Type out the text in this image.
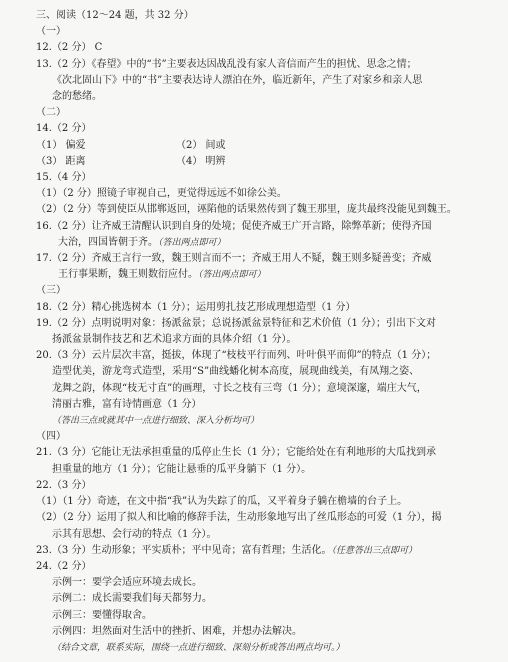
三、阅读（12～24 题，共 32 分）
（一）
12.（2 分） C
13.（2 分）《春望》中的“书”主要表达因战乱没有家人音信而产生的担忧、思念之情；
《次北固山下》中的“书”主要表达诗人漂泊在外，临近新年，产生了对家乡和亲人思
念的愁绪。
（二）
14.（2 分）
（1） 偏爱	（2） 间或
（3） 距离	（4） 明辨
15.（4 分）
（1）（2 分）照镜子审视自己，更觉得远远不如徐公美。
（2）（2 分）等到使臣从邯郸返回，诬陷他的话果然传到了魏王那里，庞共最终没能见到魏王。
16.（2 分）让齐威王清醒认识到自身的处境；促使齐威王广开言路，除弊革新；使得齐国
大治，四国皆朝于齐。（答出两点即可）
17.（2 分）齐威王言行一致，魏王则言而不一；齐威王用人不疑，魏王则多疑善变；齐威
王行事果断，魏王则数衍应付。（答出两点即可）
（三）
18.（2 分）精心挑选树本（1 分）；运用剪扎技艺形成理想造型（1 分）
19.（2 分）点明说明对象：扬派盆景；总说扬派盆景特征和艺术价值（1 分）；引出下文对
扬派盆景制作技艺和艺术追求方面的具体介绍（1 分）。
20.（3 分）云片层次丰富，挺拔，体现了“枝枝平行而列、叶叶俱平而仰”的特点（1 分）；
造型优美，游龙弯式造型，采用“S”曲线蟠化树本高度，展现曲线美，有凤翔之姿、
龙舞之韵，体现“枝无寸直”的画理，寸长之枝有三弯（1 分）；意境深邃，端庄大气，
清丽古雅，富有诗情画意（1 分）
（答出三点或就其中一点进行细致、深入分析均可）
（四）
21.（3 分）它能让无法承担重量的瓜停止生长（1 分）；它能给处在有利地形的大瓜找到承
担重量的地方（1 分）；它能让悬垂的瓜平身躺下（1 分）。
22.（3 分）
（1）（1 分）奇迹，在文中指“我”认为失踪了的瓜，又平着身子躺在檐墙的台子上。
（2）（2 分）运用了拟人和比喻的修辞手法，生动形象地写出了丝瓜形态的可爱（1 分），揭
示其有思想、会行动的特点（1 分）。
23.（3 分）生动形象；平实质朴；平中见奇；富有哲理；生活化。（任意答出三点即可）
24.（2 分）
示例一：要学会适应环境去成长。
示例二：成长需要我们每天都努力。
示例三：要懂得取舍。
示例四：坦然面对生活中的挫折、困难，并想办法解决。
（结合文章，联系实际，围绕一点进行细致、深刻分析或答出两点均可。）
